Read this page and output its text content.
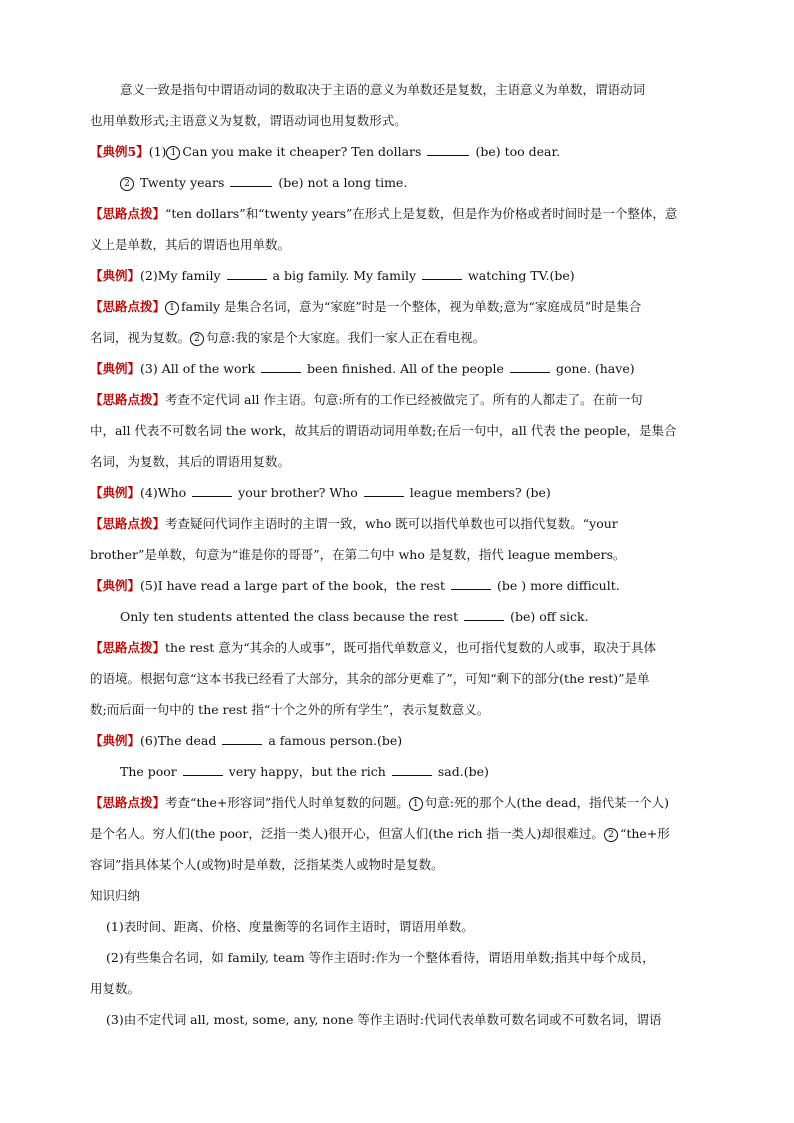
意义一致是指句中谓语动词的数取决于主语的意义为单数还是复数，主语意义为单数，谓语动词
也用单数形式;主语意义为复数，谓语动词也用复数形式。
【典例5】(1) 1 Can you make it cheaper? Ten dollars	(be) too dear.
2 Twenty years	(be) not a long time.
【思路点拨】“ten dollars”和“twenty years”在形式上是复数，但是作为价格或者时间时是一个整体，意
义上是单数，其后的谓语也用单数。
【典例】(2)My family	a big family. My family	watching TV.(be)
【思路点拨】 1 family 是集合名词，意为“家庭”时是一个整体，视为单数;意为“家庭成员”时是集合
名词，视为复数。 2 句意:我的家是个大家庭。我们一家人正在看电视。
【典例】(3) All of the work	been finished. All of the people	gone. (have)
【思路点拨】考查不定代词 all 作主语。句意:所有的工作已经被做完了。所有的人都走了。在前一句
中，all 代表不可数名词 the work，故其后的谓语动词用单数;在后一句中，all 代表 the people，是集合
名词，为复数，其后的谓语用复数。
【典例】(4)Who	your brother? Who	league members? (be)
【思路点拨】考查疑问代词作主语时的主谓一致，who 既可以指代单数也可以指代复数。“your
brother”是单数，句意为“谁是你的哥哥”，在第二句中 who 是复数，指代 league members。
【典例】(5)I have read a large part of the book，the rest	(be ) more difficult.
Only ten students attented the class because the rest	(be) off sick.
【思路点拨】the rest 意为“其余的人或事”，既可指代单数意义，也可指代复数的人或事，取决于具体
的语境。根据句意“这本书我已经看了大部分，其余的部分更难了”，可知“剩下的部分(the rest)”是单
数;而后面一句中的 the rest 指“十个之外的所有学生”，表示复数意义。
【典例】(6)The dead	a famous person.(be)
The poor	very happy，but the rich	sad.(be)
【思路点拨】考查“the+形容词”指代人时单复数的问题。 1 句意:死的那个人(the dead，指代某一个人)
是个名人。穷人们(the poor，泛指一类人)很开心，但富人们(the rich 指一类人)却很难过。 2 “the+形
容词”指具体某个人(或物)时是单数，泛指某类人或物时是复数。
知识归纳
(1)表时间、距离、价格、度量衡等的名词作主语时，谓语用单数。
(2)有些集合名词，如 family, team 等作主语时:作为一个整体看待，谓语用单数;指其中每个成员，
用复数。
(3)由不定代词 all, most, some, any, none 等作主语时:代词代表单数可数名词或不可数名词，谓语
